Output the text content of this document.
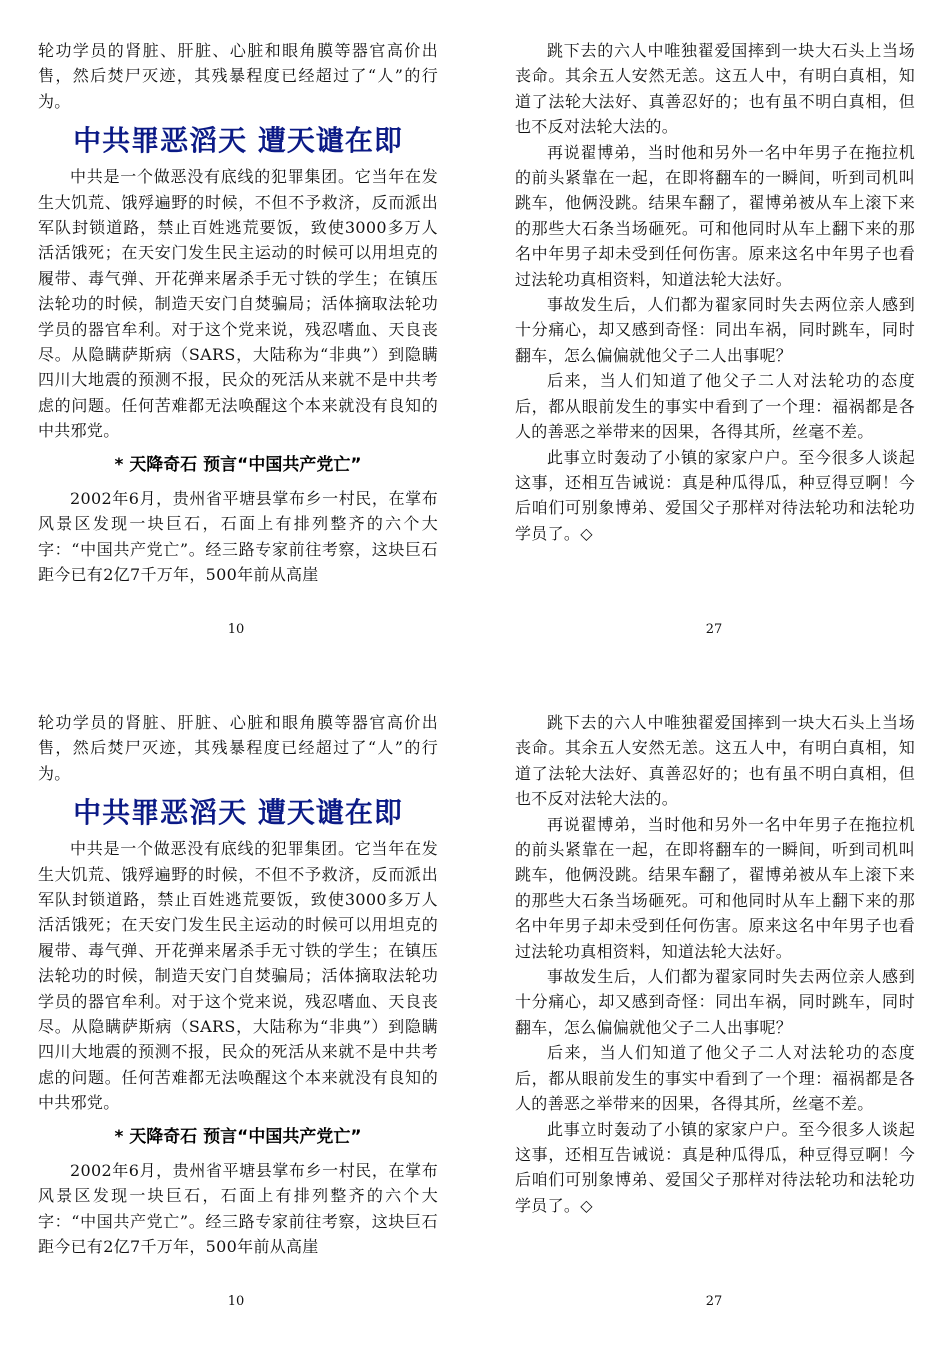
轮功学员的肾脏、肝脏、心脏和眼角膜等器官高价出售，然后焚尸灭迹，其残暴程度已经超过了“人”的行为。

中共罪恶滔天 遭天谴在即

中共是一个做恶没有底线的犯罪集团。它当年在发生大饥荒、饿殍遍野的时候，不但不予救济，反而派出军队封锁道路，禁止百姓逃荒要饭，致使3000多万人活活饿死；在天安门发生民主运动的时候可以用坦克的履带、毒气弹、开花弹来屠杀手无寸铁的学生；在镇压法轮功的时候，制造天安门自焚骗局；活体摘取法轮功学员的器官牟利。对于这个党来说，残忍嗜血、天良丧尽。从隐瞒萨斯病（SARS，大陆称为“非典”）到隐瞒四川大地震的预测不报，民众的死活从来就不是中共考虑的问题。任何苦难都无法唤醒这个本来就没有良知的中共邪党。

* 天降奇石 预言“中国共产党亡”

2002年6月，贵州省平塘县掌布乡一村民，在掌布风景区发现一块巨石，石面上有排列整齐的六个大字：“中国共产党亡”。经三路专家前往考察，这块巨石距今已有2亿7千万年，500年前从高崖

10

跳下去的六人中唯独翟爱国摔到一块大石头上当场丧命。其余五人安然无恙。这五人中，有明白真相，知道了法轮大法好、真善忍好的；也有虽不明白真相，但也不反对法轮大法的。

再说翟博弟，当时他和另外一名中年男子在拖拉机的前头紧靠在一起，在即将翻车的一瞬间，听到司机叫跳车，他俩没跳。结果车翻了，翟博弟被从车上滚下来的那些大石条当场砸死。可和他同时从车上翻下来的那名中年男子却未受到任何伤害。原来这名中年男子也看过法轮功真相资料，知道法轮大法好。

事故发生后，人们都为翟家同时失去两位亲人感到十分痛心，却又感到奇怪：同出车祸，同时跳车，同时翻车，怎么偏偏就他父子二人出事呢？

后来，当人们知道了他父子二人对法轮功的态度后，都从眼前发生的事实中看到了一个理：福祸都是各人的善恶之举带来的因果，各得其所，丝毫不差。

此事立时轰动了小镇的家家户户。至今很多人谈起这事，还相互告诫说：真是种瓜得瓜，种豆得豆啊！今后咱们可别象博弟、爱国父子那样对待法轮功和法轮功学员了。◇

27

轮功学员的肾脏、肝脏、心脏和眼角膜等器官高价出售，然后焚尸灭迹，其残暴程度已经超过了“人”的行为。

中共罪恶滔天 遭天谴在即

中共是一个做恶没有底线的犯罪集团。它当年在发生大饥荒、饿殍遍野的时候，不但不予救济，反而派出军队封锁道路，禁止百姓逃荒要饭，致使3000多万人活活饿死；在天安门发生民主运动的时候可以用坦克的履带、毒气弹、开花弹来屠杀手无寸铁的学生；在镇压法轮功的时候，制造天安门自焚骗局；活体摘取法轮功学员的器官牟利。对于这个党来说，残忍嗜血、天良丧尽。从隐瞒萨斯病（SARS，大陆称为“非典”）到隐瞒四川大地震的预测不报，民众的死活从来就不是中共考虑的问题。任何苦难都无法唤醒这个本来就没有良知的中共邪党。

* 天降奇石 预言“中国共产党亡”

2002年6月，贵州省平塘县掌布乡一村民，在掌布风景区发现一块巨石，石面上有排列整齐的六个大字：“中国共产党亡”。经三路专家前往考察，这块巨石距今已有2亿7千万年，500年前从高崖

10

跳下去的六人中唯独翟爱国摔到一块大石头上当场丧命。其余五人安然无恙。这五人中，有明白真相，知道了法轮大法好、真善忍好的；也有虽不明白真相，但也不反对法轮大法的。

再说翟博弟，当时他和另外一名中年男子在拖拉机的前头紧靠在一起，在即将翻车的一瞬间，听到司机叫跳车，他俩没跳。结果车翻了，翟博弟被从车上滚下来的那些大石条当场砸死。可和他同时从车上翻下来的那名中年男子却未受到任何伤害。原来这名中年男子也看过法轮功真相资料，知道法轮大法好。

事故发生后，人们都为翟家同时失去两位亲人感到十分痛心，却又感到奇怪：同出车祸，同时跳车，同时翻车，怎么偏偏就他父子二人出事呢？

后来，当人们知道了他父子二人对法轮功的态度后，都从眼前发生的事实中看到了一个理：福祸都是各人的善恶之举带来的因果，各得其所，丝毫不差。

此事立时轰动了小镇的家家户户。至今很多人谈起这事，还相互告诫说：真是种瓜得瓜，种豆得豆啊！今后咱们可别象博弟、爱国父子那样对待法轮功和法轮功学员了。◇

27
